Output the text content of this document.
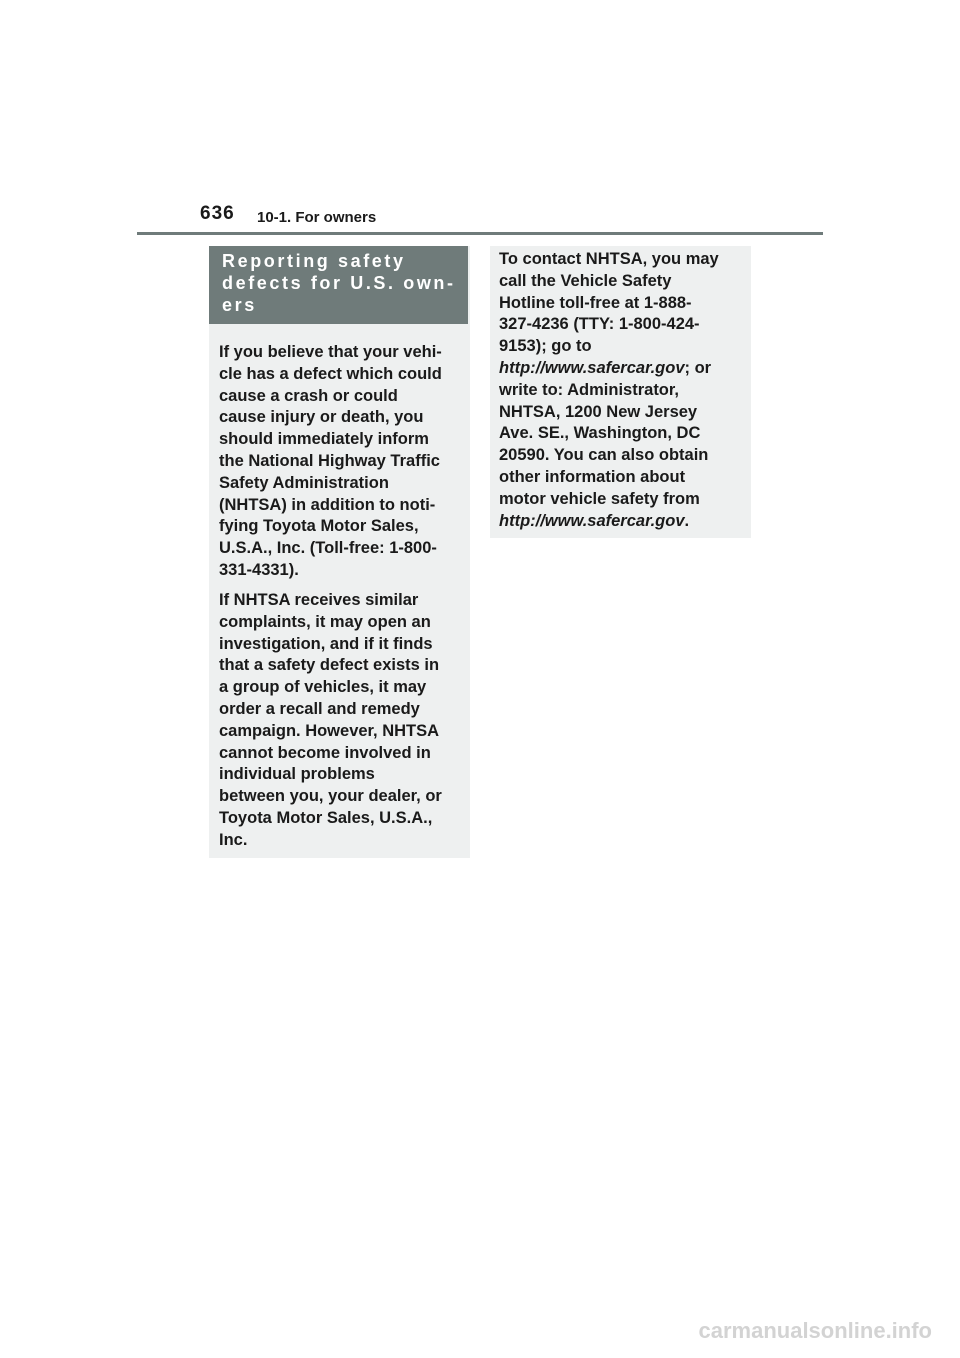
636 10-1. For owners
Reporting safety
defects for U.S. own-
ers

If you believe that your vehi-
cle has a defect which could
cause a crash or could
cause injury or death, you
should immediately inform
the National Highway Traffic
Safety Administration
(NHTSA) in addition to noti-
fying Toyota Motor Sales,
U.S.A., Inc. (Toll-free: 1-800-
331-4331).

If NHTSA receives similar
complaints, it may open an
investigation, and if it finds
that a safety defect exists in
a group of vehicles, it may
order a recall and remedy
campaign. However, NHTSA
cannot become involved in
individual problems
between you, your dealer, or
Toyota Motor Sales, U.S.A.,
Inc.

To contact NHTSA, you may
call the Vehicle Safety
Hotline toll-free at 1-888-
327-4236 (TTY: 1-800-424-
9153); go to
http://www.safercar.gov; or
write to: Administrator,
NHTSA, 1200 New Jersey
Ave. SE., Washington, DC
20590. You can also obtain
other information about
motor vehicle safety from
http://www.safercar.gov.

carmanualsonline.info
